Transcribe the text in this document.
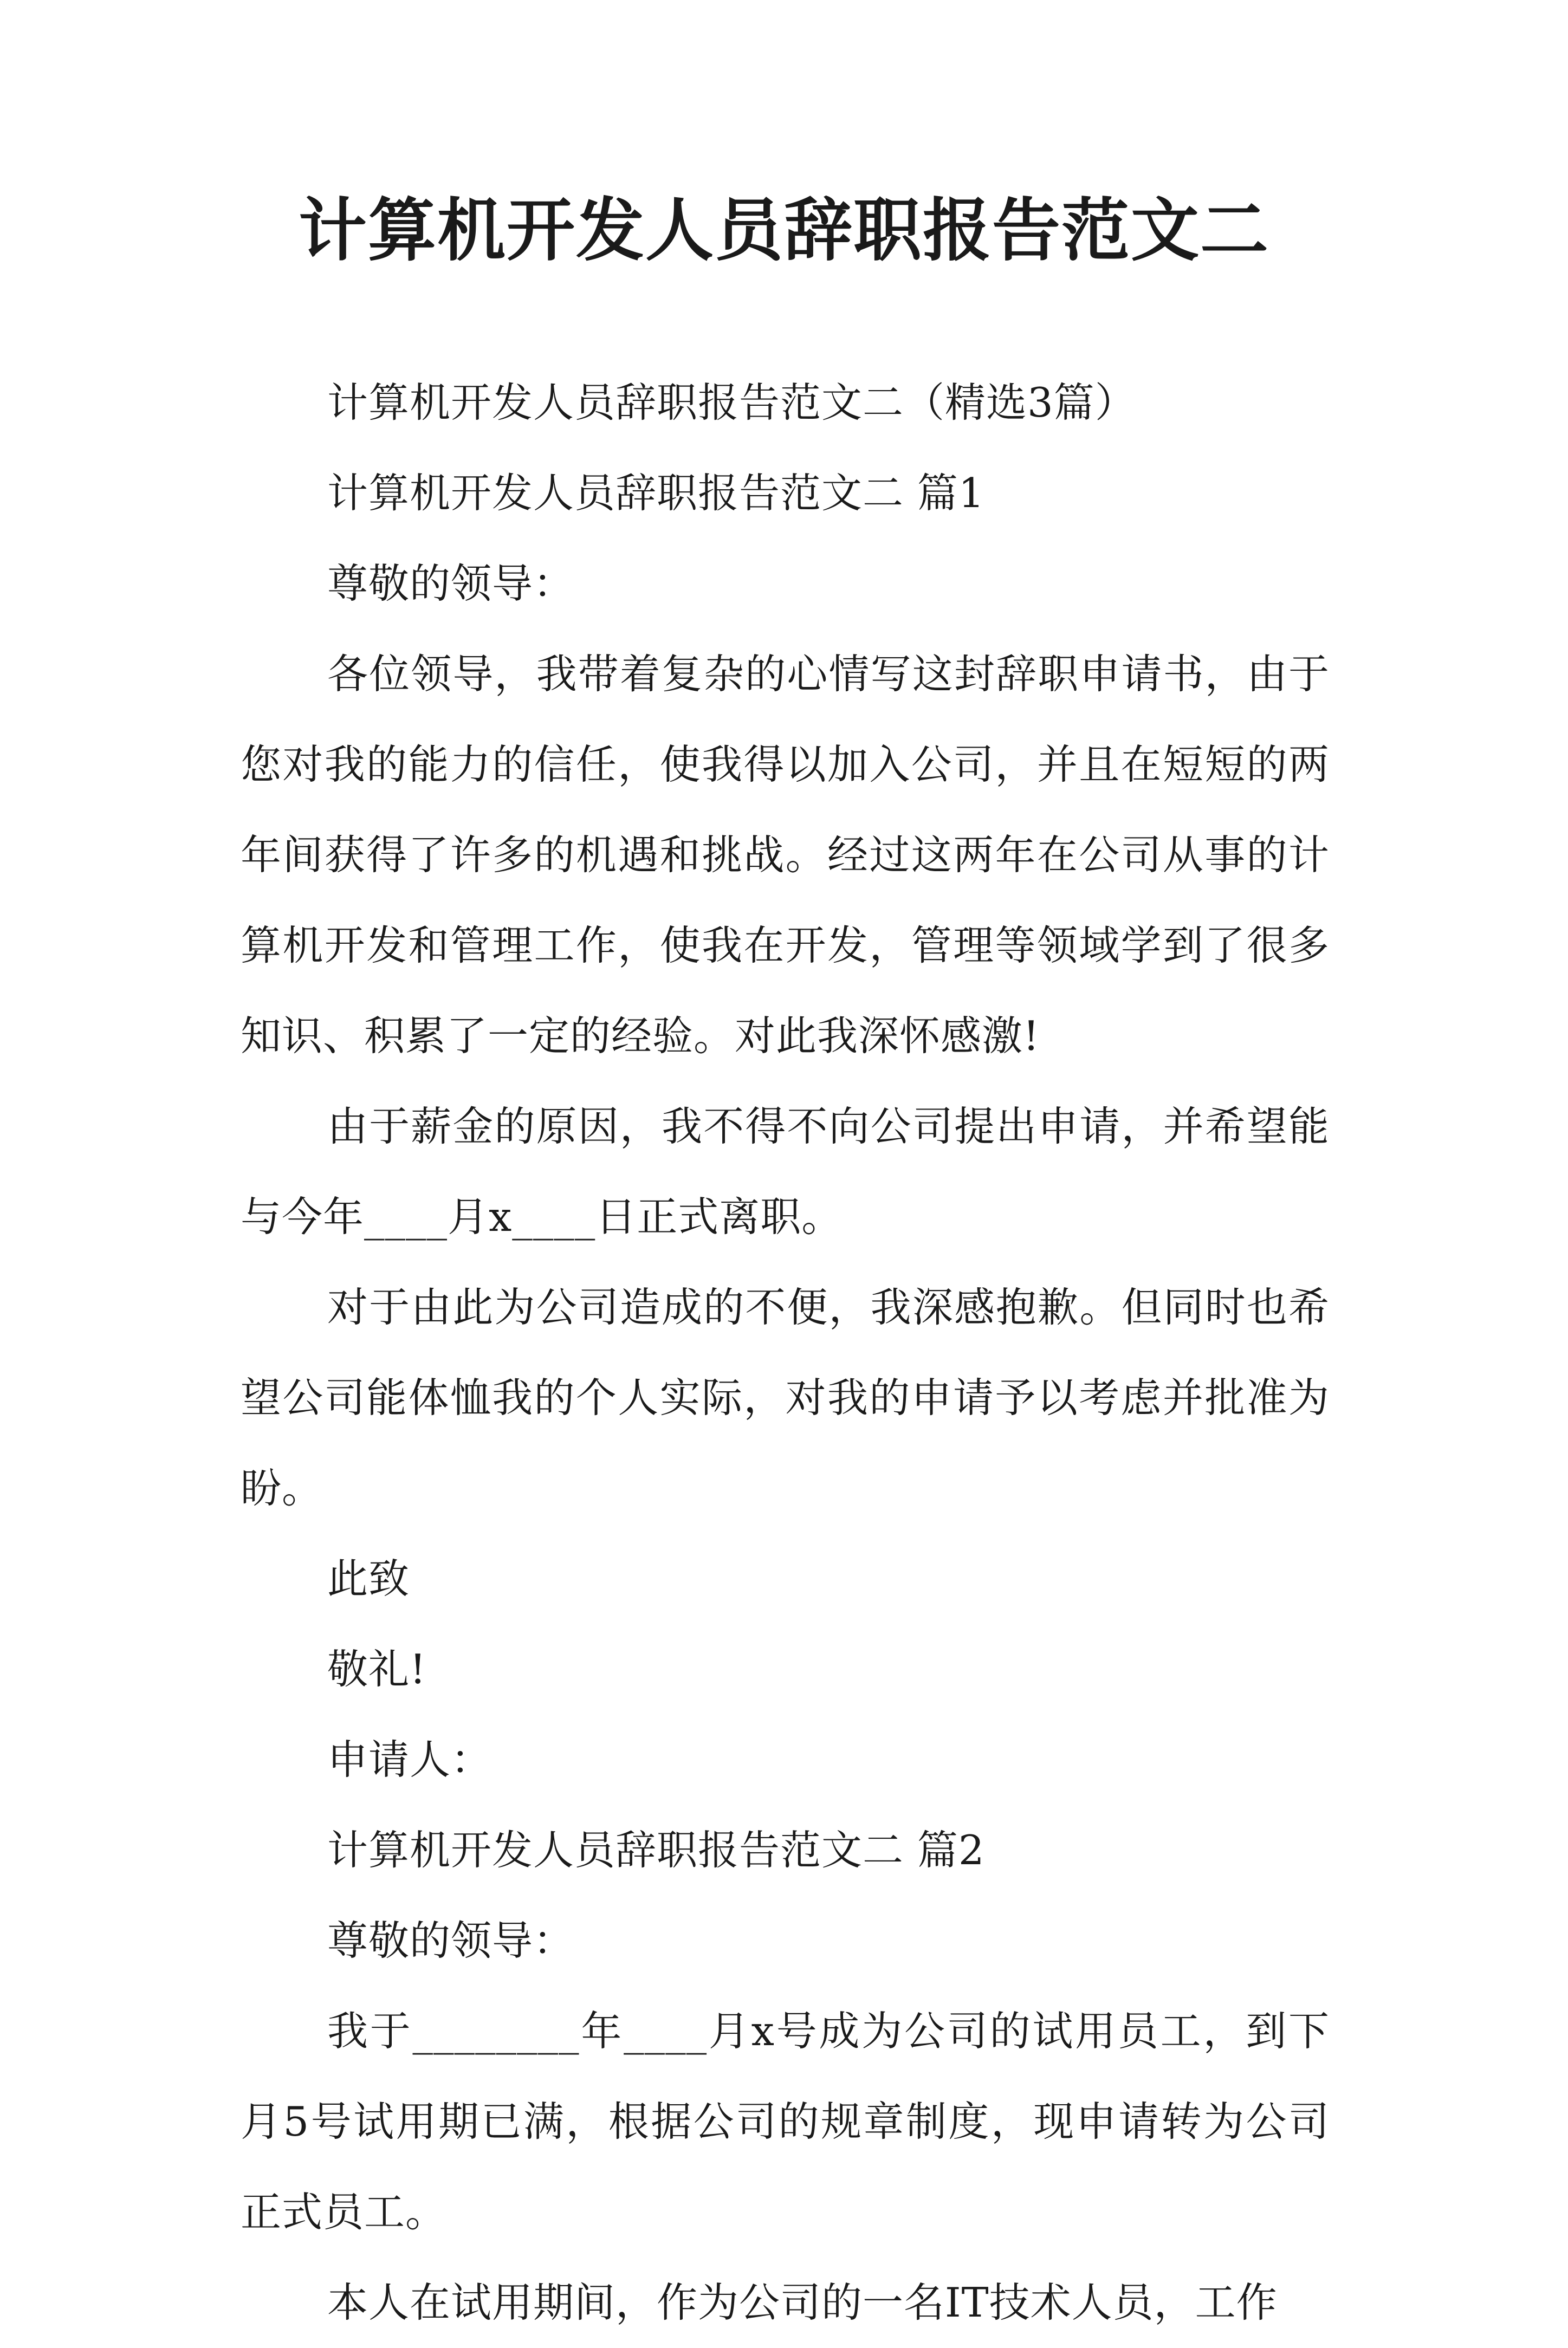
计算机开发人员辞职报告范文二

计算机开发人员辞职报告范文二（精选3篇）

计算机开发人员辞职报告范文二 篇1

尊敬的领导：

各位领导，我带着复杂的心情写这封辞职申请书，由于您对我的能力的信任，使我得以加入公司，并且在短短的两年间获得了许多的机遇和挑战。经过这两年在公司从事的计算机开发和管理工作，使我在开发，管理等领域学到了很多知识、积累了一定的经验。对此我深怀感激!

由于薪金的原因，我不得不向公司提出申请，并希望能与今年____月x____日正式离职。

对于由此为公司造成的不便，我深感抱歉。但同时也希望公司能体恤我的个人实际，对我的申请予以考虑并批准为盼。

此致

敬礼!

申请人：

计算机开发人员辞职报告范文二 篇2

尊敬的领导：

我于________年____月x号成为公司的试用员工，到下月5号试用期已满，根据公司的规章制度，现申请转为公司正式员工。

本人在试用期间，作为公司的一名IT技术人员，工作
